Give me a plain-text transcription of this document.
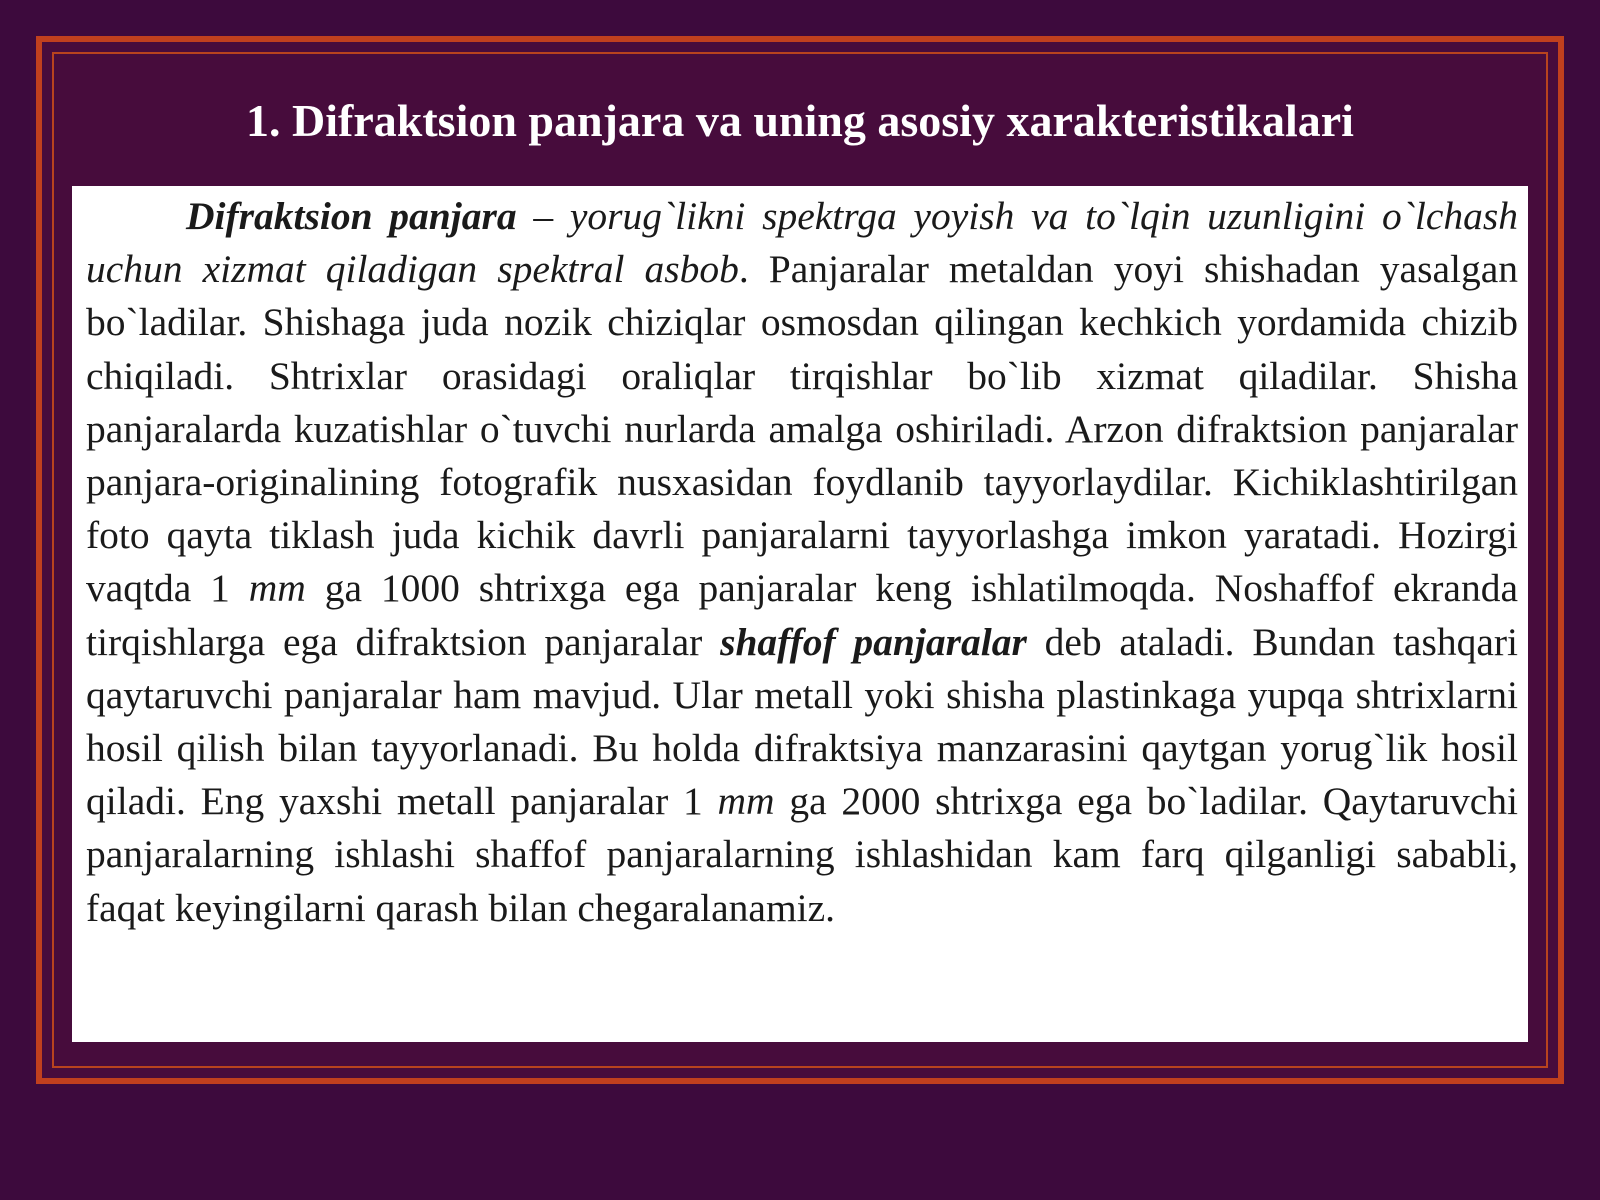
1. Difraktsion panjara va uning asosiy xarakteristikalari

Difraktsion panjara – yorug`likni spektrga yoyish va to`lqin uzunligini o`lchash uchun xizmat qiladigan spektral asbob. Panjaralar metaldan yoyi shishadan yasalgan bo`ladilar. Shishaga juda nozik chiziqlar osmosdan qilingan kechkich yordamida chizib chiqiladi. Shtrixlar orasidagi oraliqlar tirqishlar bo`lib xizmat qiladilar. Shisha panjaralarda kuzatishlar o`tuvchi nurlarda amalga oshiriladi. Arzon difraktsion panjaralar panjara-originalining fotografik nusxasidan foydlanib tayyorlaydilar. Kichiklashtirilgan foto qayta tiklash juda kichik davrli panjaralarni tayyorlashga imkon yaratadi. Hozirgi vaqtda 1 mm ga 1000 shtrixga ega panjaralar keng ishlatilmoqda. Noshaffof ekranda tirqishlarga ega difraktsion panjaralar shaffof panjaralar deb ataladi. Bundan tashqari qaytaruvchi panjaralar ham mavjud. Ular metall yoki shisha plastinkaga yupqa shtrixlarni hosil qilish bilan tayyorlanadi. Bu holda difraktsiya manzarasini qaytgan yorug`lik hosil qiladi. Eng yaxshi metall panjaralar 1 mm ga 2000 shtrixga ega bo`ladilar. Qaytaruvchi panjaralarning ishlashi shaffof panjaralarning ishlashidan kam farq qilganligi sababli, faqat keyingilarni qarash bilan chegaralanamiz.
